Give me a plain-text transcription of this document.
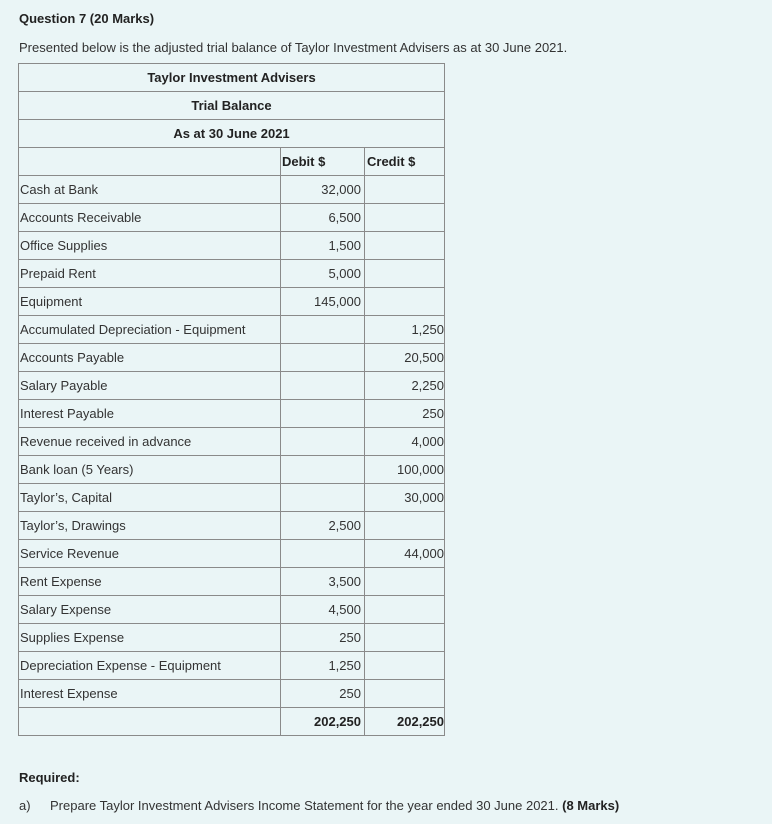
Question 7 (20 Marks)
Presented below is the adjusted trial balance of Taylor Investment Advisers as at 30 June 2021.
Taylor Investment Advisers		
Trial Balance		
As at 30 June 2021		
	Debit $	Credit $
Cash at Bank	32,000	
Accounts Receivable	6,500	
Office Supplies	1,500	
Prepaid Rent	5,000	
Equipment	145,000	
Accumulated Depreciation - Equipment		1,250
Accounts Payable		20,500
Salary Payable		2,250
Interest Payable		250
Revenue received in advance		4,000
Bank loan (5 Years)		100,000
Taylor’s, Capital		30,000
Taylor’s, Drawings	2,500	
Service Revenue		44,000
Rent Expense	3,500	
Salary Expense	4,500	
Supplies Expense	250	
Depreciation Expense - Equipment	1,250	
Interest Expense	250	
	202,250	202,250
Required:
a) Prepare Taylor Investment Advisers Income Statement for the year ended 30 June 2021. (8 Marks)
